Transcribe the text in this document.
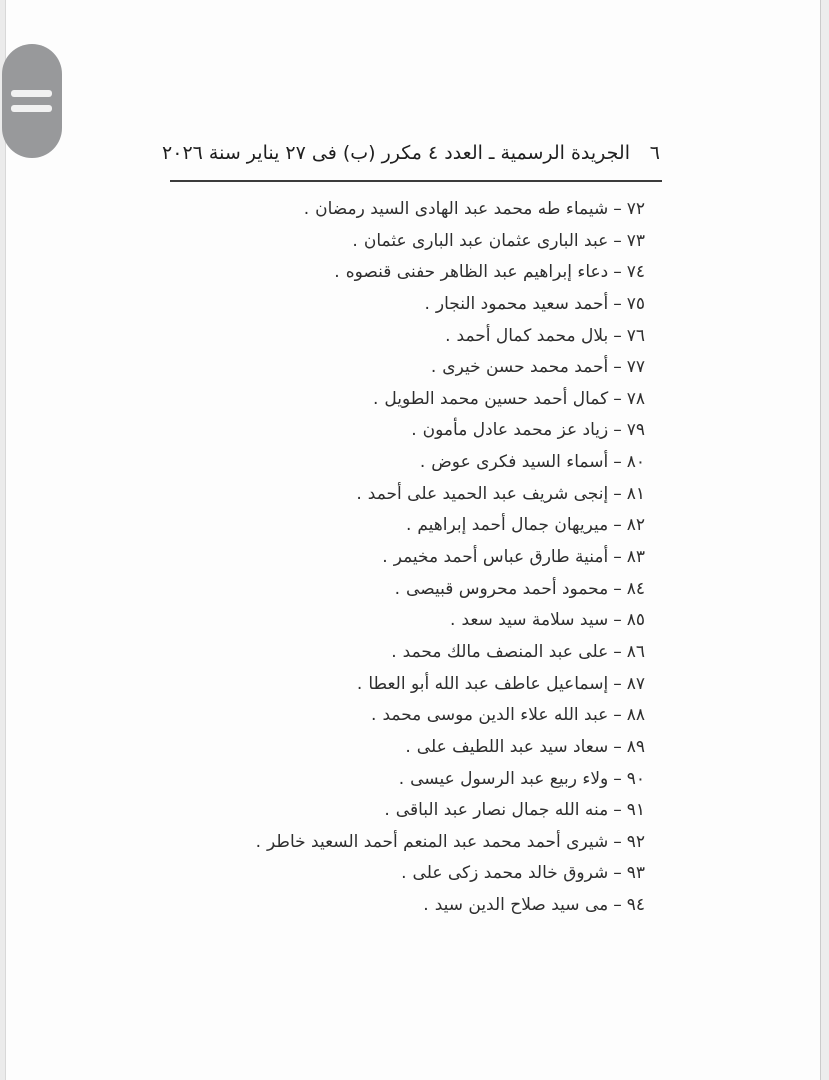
٦
الجريدة الرسمية ـ العدد ٤ مكرر (ب) فى ٢٧ يناير سنة ٢٠٢٦
٧٢–شيماء طه محمد عبد الهادى السيد رمضان.
٧٣–عبد البارى عثمان عبد البارى عثمان.
٧٤–دعاء إبراهيم عبد الظاهر حفنى قنصوه.
٧٥–أحمد سعيد محمود النجار.
٧٦–بلال محمد كمال أحمد.
٧٧–أحمد محمد حسن خيرى.
٧٨–كمال أحمد حسين محمد الطويل.
٧٩–زياد عز محمد عادل مأمون.
٨٠–أسماء السيد فكرى عوض.
٨١–إنجى شريف عبد الحميد على أحمد.
٨٢–ميريهان جمال أحمد إبراهيم.
٨٣–أمنية طارق عباس أحمد مخيمر.
٨٤–محمود أحمد محروس قبيصى.
٨٥–سيد سلامة سيد سعد.
٨٦–على عبد المنصف مالك محمد.
٨٧–إسماعيل عاطف عبد الله أبو العطا.
٨٨–عبد الله علاء الدين موسى محمد.
٨٩–سعاد سيد عبد اللطيف على.
٩٠–ولاء ربيع عبد الرسول عيسى.
٩١–منه الله جمال نصار عبد الباقى.
٩٢–شيرى أحمد محمد عبد المنعم أحمد السعيد خاطر.
٩٣–شروق خالد محمد زكى على.
٩٤–مى سيد صلاح الدين سيد.
